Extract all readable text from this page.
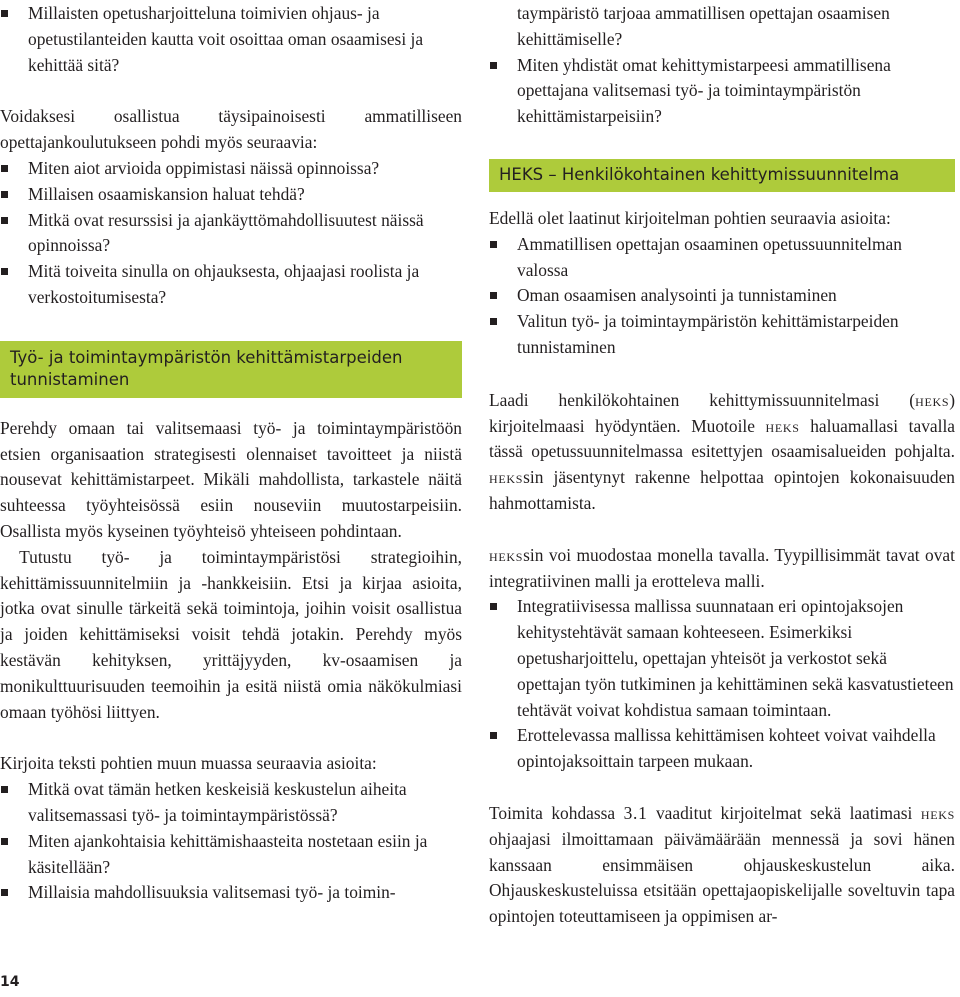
Millaisten opetusharjoitteluna toimivien ohjaus- ja opetustilanteiden kautta voit osoittaa oman osaamisesi ja kehittää sitä?

Voidaksesi osallistua täysipainoisesti ammatilliseen opettajankoulutukseen pohdi myös seuraavia:

Miten aiot arvioida oppimistasi näissä opinnoissa?
Millaisen osaamiskansion haluat tehdä?
Mitkä ovat resurssisi ja ajankäyttömahdollisuutest näissä opinnoissa?
Mitä toiveita sinulla on ohjauksesta, ohjaajasi roolista ja verkostoitumisesta?
Työ- ja toimintaympäristön kehittämistarpeiden tunnistaminen

Perehdy omaan tai valitsemaasi työ- ja toimintaympäristöön etsien organisaation strategisesti olennaiset tavoitteet ja niistä nousevat kehittämistarpeet. Mikäli mahdollista, tarkastele näitä suhteessa työyhteisössä esiin nouseviin muutostarpeisiin. Osallista myös kyseinen työyhteisö yhteiseen pohdintaan.

Tutustu työ- ja toimintaympäristösi strategioihin, kehittämissuunnitelmiin ja -hankkeisiin. Etsi ja kirjaa asioita, jotka ovat sinulle tärkeitä sekä toimintoja, joihin voisit osallistua ja joiden kehittämiseksi voisit tehdä jotakin. Perehdy myös kestävän kehityksen, yrittäjyyden, kv-osaamisen ja monikulttuurisuuden teemoihin ja esitä niistä omia näkökulmiasi omaan työhösi liittyen.

Kirjoita teksti pohtien muun muassa seuraavia asioita:

Mitkä ovat tämän hetken keskeisiä keskustelun aiheita valitsemassasi työ- ja toimintaympäristössä?
Miten ajankohtaisia kehittämishaasteita nostetaan esiin ja käsitellään?
Millaisia mahdollisuuksia valitsemasi työ- ja toimin-

taympäristö tarjoaa ammatillisen opettajan osaamisen kehittämiselle?

Miten yhdistät omat kehittymistarpeesi ammatillisena opettajana valitsemasi työ- ja toimintaympäristön kehittämistarpeisiin?
HEKS – Henkilökohtainen kehittymissuunnitelma

Edellä olet laatinut kirjoitelman pohtien seuraavia asioita:

Ammatillisen opettajan osaaminen opetussuunnitelman valossa
Oman osaamisen analysointi ja tunnistaminen
Valitun työ- ja toimintaympäristön kehittämistarpeiden tunnistaminen

Laadi henkilökohtainen kehittymissuunnitelmasi (heks) kirjoitelmaasi hyödyntäen. Muotoile heks haluamallasi tavalla tässä opetussuunnitelmassa esitettyjen osaamisalueiden pohjalta. hekssin jäsentynyt rakenne helpottaa opintojen kokonaisuuden hahmottamista.

hekssin voi muodostaa monella tavalla. Tyypillisimmät tavat ovat integratiivinen malli ja erotteleva malli.

Integratiivisessa mallissa suunnataan eri opintojaksojen kehitystehtävät samaan kohteeseen. Esimerkiksi opetusharjoittelu, opettajan yhteisöt ja verkostot sekä opettajan työn tutkiminen ja kehittäminen sekä kasvatustieteen tehtävät voivat kohdistua samaan toimintaan.
Erottelevassa mallissa kehittämisen kohteet voivat vaihdella opintojaksoittain tarpeen mukaan.

Toimita kohdassa 3.1 vaaditut kirjoitelmat sekä laatimasi heks ohjaajasi ilmoittamaan päivämäärään mennessä ja sovi hänen kanssaan ensimmäisen ohjauskeskustelun aika. Ohjauskeskusteluissa etsitään opettajaopiskelijalle soveltuvin tapa opintojen toteuttamiseen ja oppimisen ar-

14
